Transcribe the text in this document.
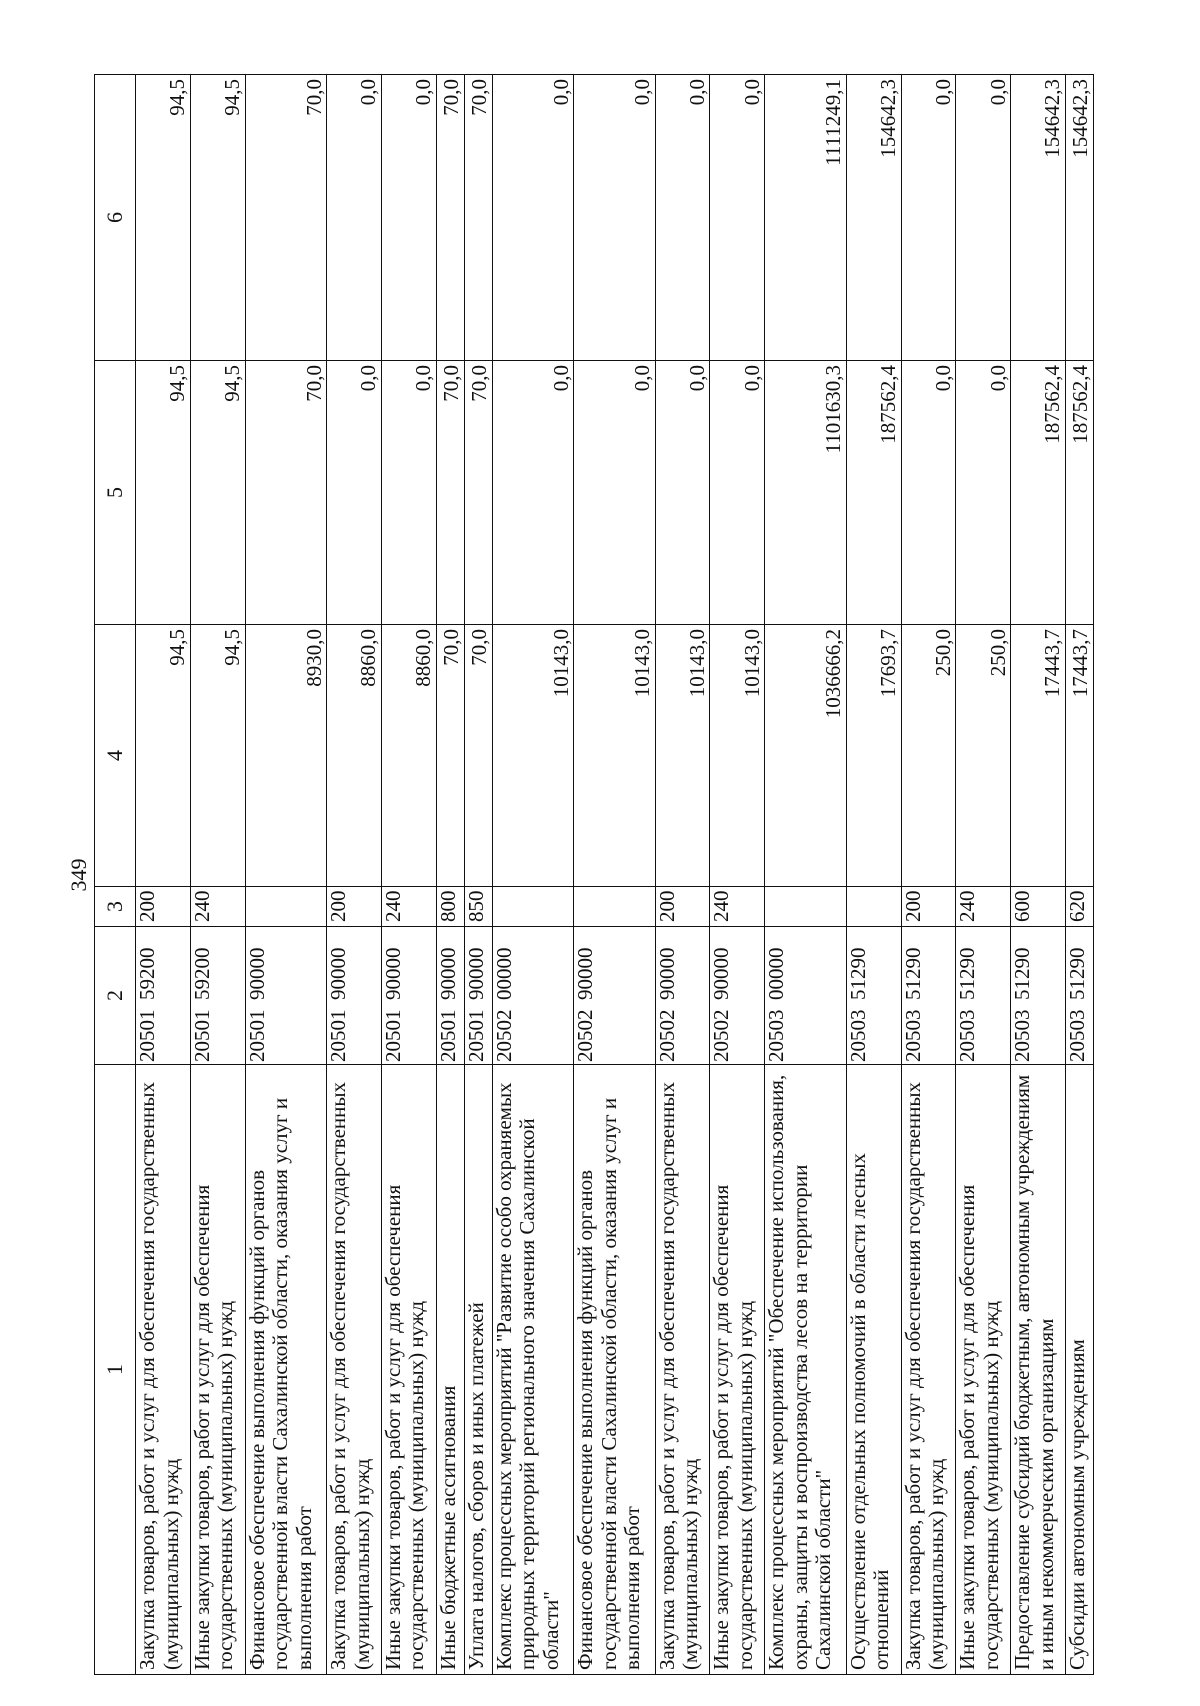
349
1	2	3	4	5	6
Закупка товаров, работ и услуг для обеспечения государственных (муниципальных) нужд	2050159200	200	94,5	94,5	94,5
Иные закупки товаров, работ и услуг для обеспечения государственных (муниципальных) нужд	2050159200	240	94,5	94,5	94,5
Финансовое обеспечение выполнения функций органов государственной власти Сахалинской области, оказания услуг и выполнения работ	2050190000		8930,0	70,0	70,0
Закупка товаров, работ и услуг для обеспечения государственных (муниципальных) нужд	2050190000	200	8860,0	0,0	0,0
Иные закупки товаров, работ и услуг для обеспечения государственных (муниципальных) нужд	2050190000	240	8860,0	0,0	0,0
Иные бюджетные ассигнования	2050190000	800	70,0	70,0	70,0
Уплата налогов, сборов и иных платежей	2050190000	850	70,0	70,0	70,0
Комплекс процессных мероприятий "Развитие особо охраняемых природных территорий регионального значения Сахалинской области"	2050200000		10143,0	0,0	0,0
Финансовое обеспечение выполнения функций органов государственной власти Сахалинской области, оказания услуг и выполнения работ	2050290000		10143,0	0,0	0,0
Закупка товаров, работ и услуг для обеспечения государственных (муниципальных) нужд	2050290000	200	10143,0	0,0	0,0
Иные закупки товаров, работ и услуг для обеспечения государственных (муниципальных) нужд	2050290000	240	10143,0	0,0	0,0
Комплекс процессных мероприятий "Обеспечение использования, охраны, защиты и воспроизводства лесов на территории Сахалинской области"	2050300000		1036666,2	1101630,3	1111249,1
Осуществление отдельных полномочий в области лесных отношений	2050351290		17693,7	187562,4	154642,3
Закупка товаров, работ и услуг для обеспечения государственных (муниципальных) нужд	2050351290	200	250,0	0,0	0,0
Иные закупки товаров, работ и услуг для обеспечения государственных (муниципальных) нужд	2050351290	240	250,0	0,0	0,0
Предоставление субсидий бюджетным, автономным учреждениям и иным некоммерческим организациям	2050351290	600	17443,7	187562,4	154642,3
Субсидии автономным учреждениям	2050351290	620	17443,7	187562,4	154642,3
